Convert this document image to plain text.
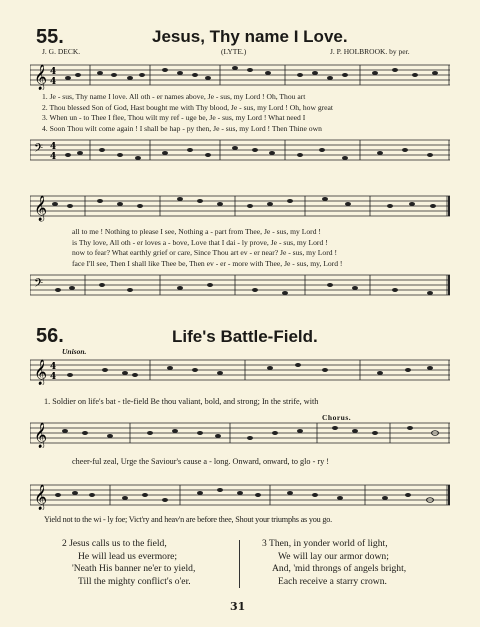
55.	Jesus, Thy name I Love.
(LYTE.)
J. G. DECK.	J. P. HOLBROOK. by per.
𝄞 4
4
1. Je - sus, Thy name I love. All oth - er names above, Je - sus, my Lord ! Oh, Thou art
2. Thou blessed Son of God, Hast bought me with Thy blood, Je - sus, my Lord ! Oh, how great
3. When un - to Thee I flee, Thou wilt my ref - uge be, Je - sus, my Lord ! What need I
4. Soon Thou wilt come again ! I shall be hap - py then, Je - sus, my Lord ! Then Thine own
𝄢 4
4
𝄞
all to me ! Nothing to please I see, Nothing a - part from Thee, Je - sus, my Lord !
is Thy love, All oth - er loves a - bove, Love that I dai - ly prove, Je - sus, my Lord !
now to fear? What earthly grief or care, Since Thou art ev - er near? Je - sus, my Lord !
face I'll see, Then I shall like Thee be, Then ev - er - more with Thee, Je - sus, my, Lord !
𝄢
56.	Life's Battle-Field.
Unison.
𝄞 4
4
1. Soldier on life's bat - tle-field Be thou valiant, bold, and strong; In the strife, with
Chorus.
𝄞
cheer-ful zeal, Urge the Saviour's cause a - long. Onward, onward, to glo - ry !
𝄞
Yield not to the wi - ly foe; Vict'ry and heav'n are before thee, Shout your triumphs as you go.
2 Jesus calls us to the field,
He will lead us evermore;
'Neath His banner ne'er to yield,
Till the mighty conflict's o'er.
3 Then, in yonder world of light,
We will lay our armor down;
And, 'mid throngs of angels bright,
Each receive a starry crown.
31
